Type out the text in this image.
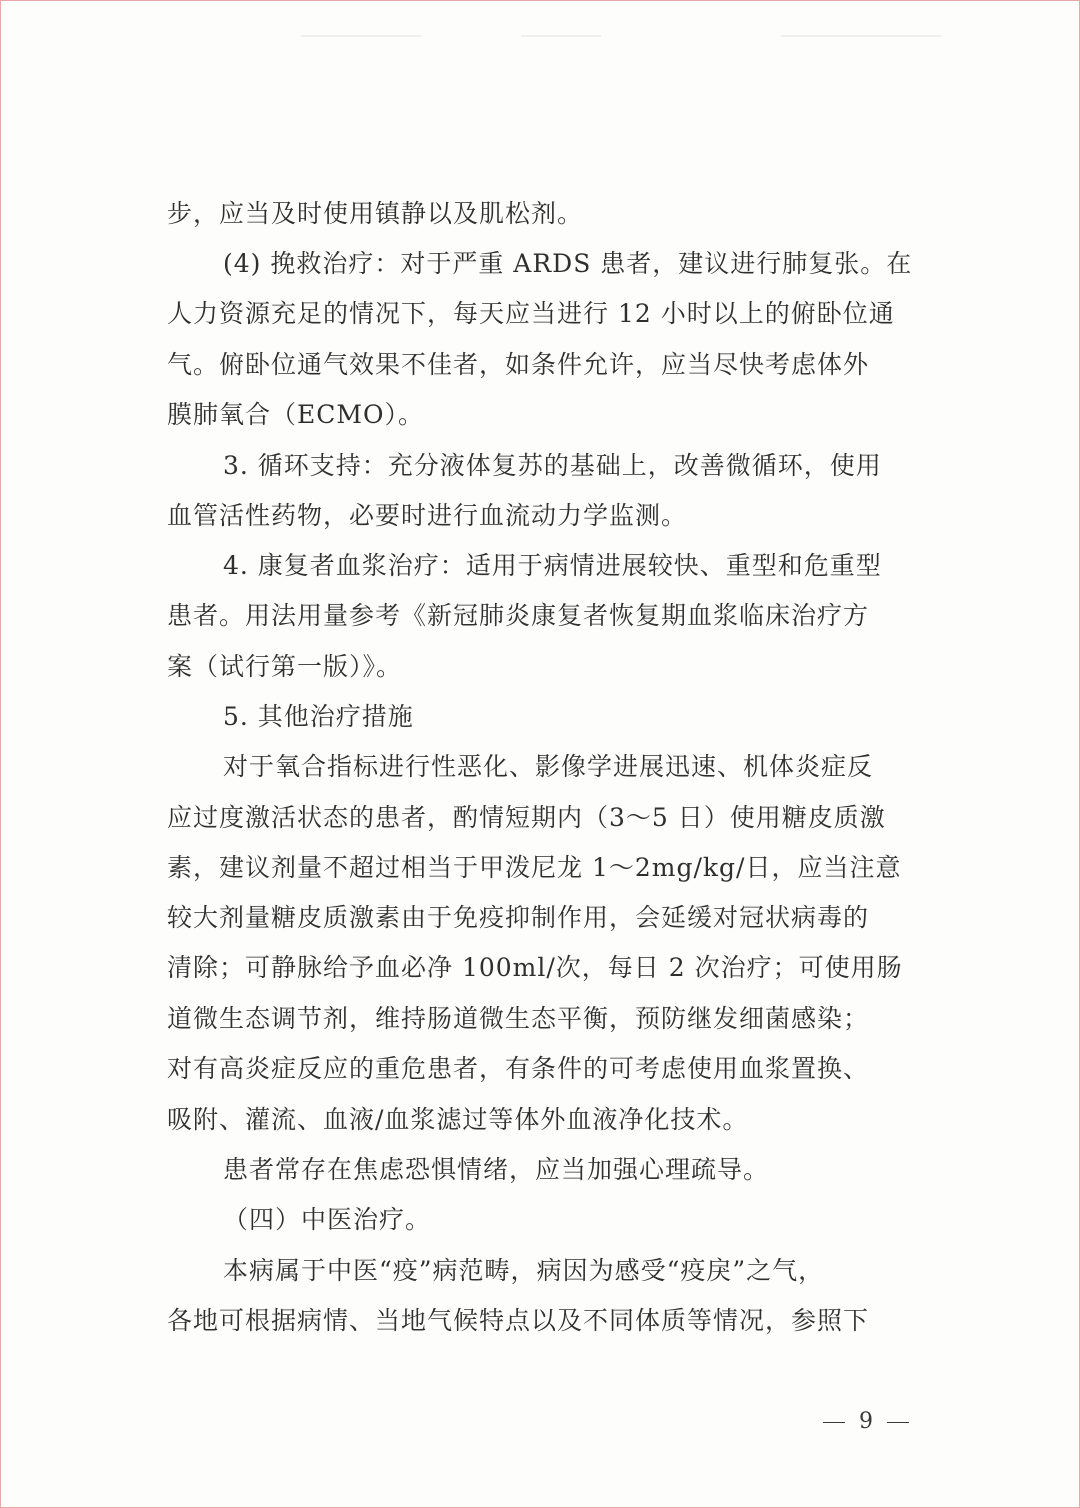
步，应当及时使用镇静以及肌松剂。
(4) 挽救治疗：对于严重 ARDS 患者，建议进行肺复张。在
人力资源充足的情况下，每天应当进行 12 小时以上的俯卧位通
气。俯卧位通气效果不佳者，如条件允许，应当尽快考虑体外
膜肺氧合（ECMO）。
3. 循环支持：充分液体复苏的基础上，改善微循环，使用
血管活性药物，必要时进行血流动力学监测。
4. 康复者血浆治疗：适用于病情进展较快、重型和危重型
患者。用法用量参考《新冠肺炎康复者恢复期血浆临床治疗方
案（试行第一版）》。
5. 其他治疗措施
对于氧合指标进行性恶化、影像学进展迅速、机体炎症反
应过度激活状态的患者，酌情短期内（3～5 日）使用糖皮质激
素，建议剂量不超过相当于甲泼尼龙 1～2mg/kg/日，应当注意
较大剂量糖皮质激素由于免疫抑制作用，会延缓对冠状病毒的
清除；可静脉给予血必净 100ml/次，每日 2 次治疗；可使用肠
道微生态调节剂，维持肠道微生态平衡，预防继发细菌感染；
对有高炎症反应的重危患者，有条件的可考虑使用血浆置换、
吸附、灌流、血液/血浆滤过等体外血液净化技术。
患者常存在焦虑恐惧情绪，应当加强心理疏导。
（四）中医治疗。
本病属于中医“疫”病范畴，病因为感受“疫戾”之气，
各地可根据病情、当地气候特点以及不同体质等情况，参照下
9
